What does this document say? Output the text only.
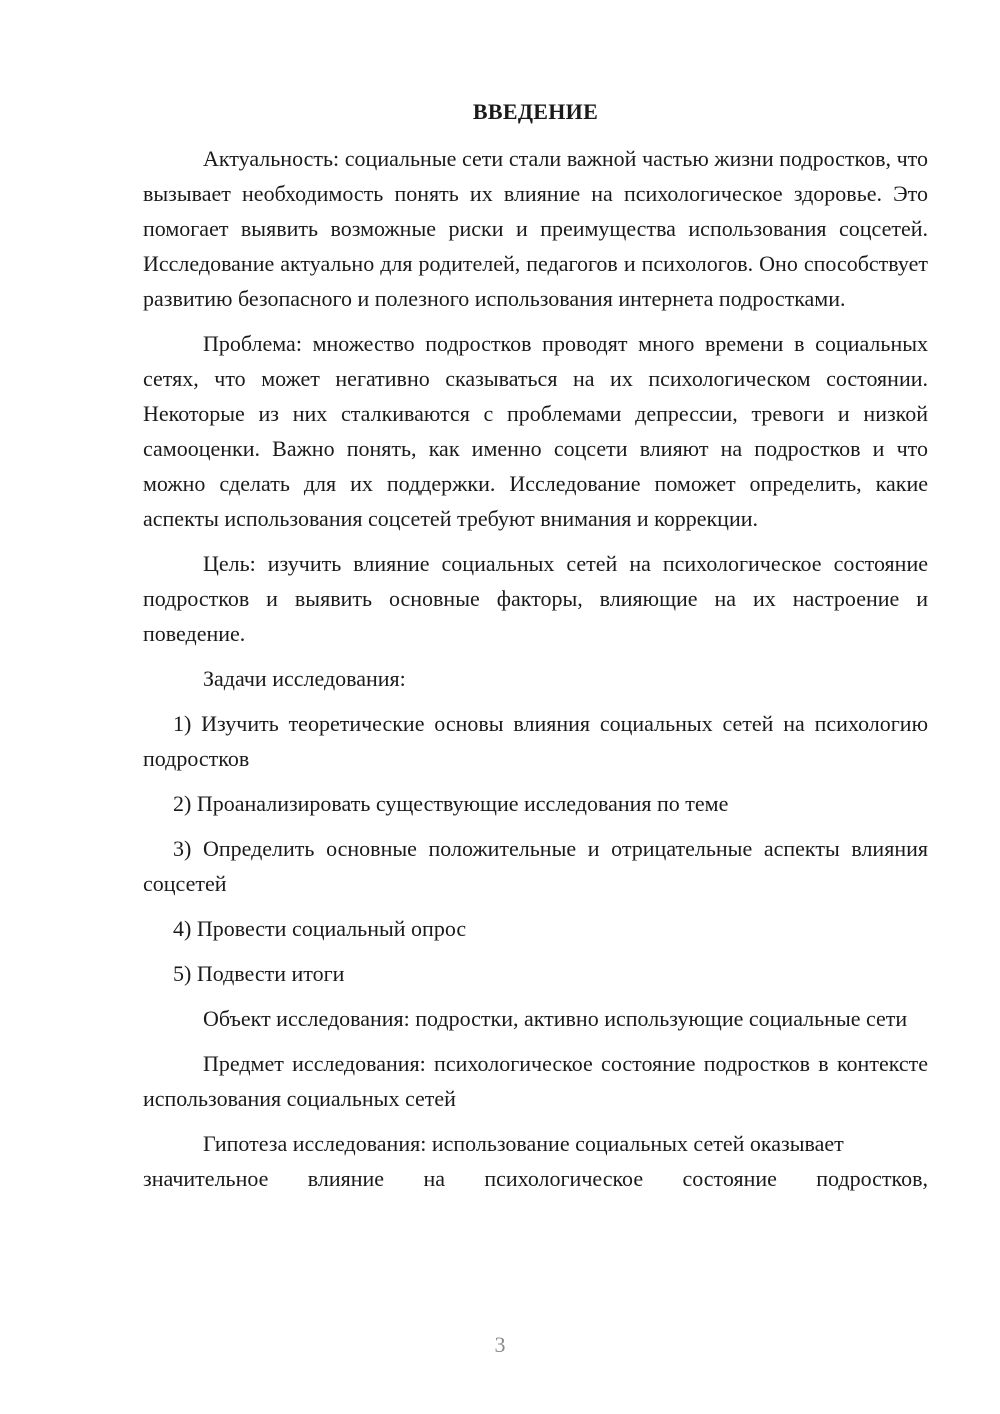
ВВЕДЕНИЕ

Актуальность: социальные сети стали важной частью жизни подростков, что вызывает необходимость понять их влияние на психологическое здоровье. Это помогает выявить возможные риски и преимущества использования соцсетей. Исследование актуально для родителей, педагогов и психологов. Оно способствует развитию безопасного и полезного использования интернета подростками.

Проблема: множество подростков проводят много времени в социальных сетях, что может негативно сказываться на их психологическом состоянии. Некоторые из них сталкиваются с проблемами депрессии, тревоги и низкой самооценки. Важно понять, как именно соцсети влияют на подростков и что можно сделать для их поддержки. Исследование поможет определить, какие аспекты использования соцсетей требуют внимания и коррекции.

Цель: изучить влияние социальных сетей на психологическое состояние подростков и выявить основные факторы, влияющие на их настроение и поведение.

Задачи исследования:

1) Изучить теоретические основы влияния социальных сетей на психологию подростков

2) Проанализировать существующие исследования по теме

3) Определить основные положительные и отрицательные аспекты влияния соцсетей

4) Провести социальный опрос

5) Подвести итоги

Объект исследования: подростки, активно использующие социальные сети

Предмет исследования: психологическое состояние подростков в контексте использования социальных сетей

Гипотеза исследования: использование социальных сетей оказывает
значительное влияние на психологическое состояние подростков,

3
